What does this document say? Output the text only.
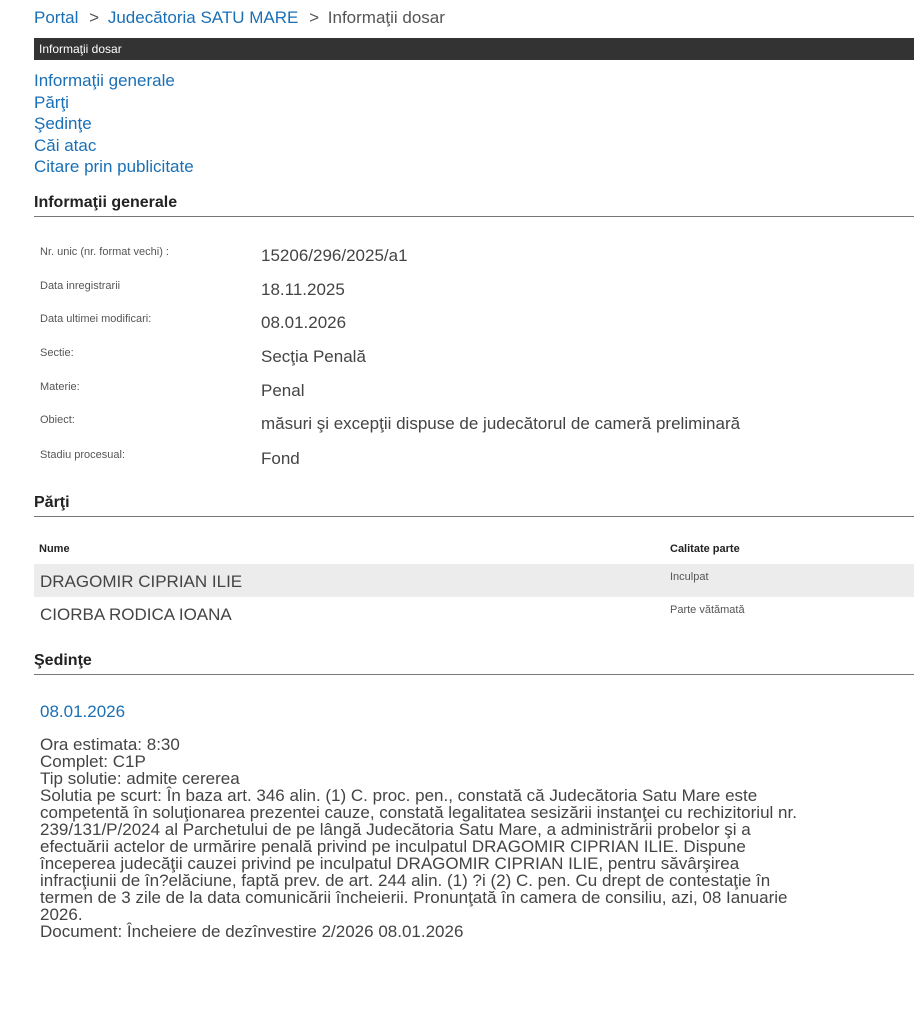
Portal > Judecătoria SATU MARE > Informaţii dosar
Informaţii dosar
Informaţii generale
Părţi
Şedinţe
Căi atac
Citare prin publicitate
Informaţii generale
Nr. unic (nr. format vechi) :	15206/296/2025/a1
Data inregistrarii	18.11.2025
Data ultimei modificari:	08.01.2026
Sectie:	Secţia Penală
Materie:	Penal
Obiect:	măsuri şi excepţii dispuse de judecătorul de cameră preliminară
Stadiu procesual:	Fond
Părţi
Nume	Calitate parte
DRAGOMIR CIPRIAN ILIE	Inculpat
CIORBA RODICA IOANA	Parte vătămată
Şedinţe
08.01.2026
Ora estimata: 8:30
Complet: C1P
Tip solutie: admite cererea
Solutia pe scurt: În baza art. 346 alin. (1) C. proc. pen., constată că Judecătoria Satu Mare este
competentă în soluţionarea prezentei cauze, constată legalitatea sesizării instanţei cu rechizitoriul nr.
239/131/P/2024 al Parchetului de pe lângă Judecătoria Satu Mare, a administrării probelor şi a
efectuării actelor de urmărire penală privind pe inculpatul DRAGOMIR CIPRIAN ILIE. Dispune
începerea judecăţii cauzei privind pe inculpatul DRAGOMIR CIPRIAN ILIE, pentru săvârşirea
infracţiunii de în?elăciune, faptă prev. de art. 244 alin. (1) ?i (2) C. pen. Cu drept de contestaţie în
termen de 3 zile de la data comunicării încheierii. Pronunţată în camera de consiliu, azi, 08 Ianuarie
2026.
Document: Încheiere de dezînvestire 2/2026 08.01.2026
